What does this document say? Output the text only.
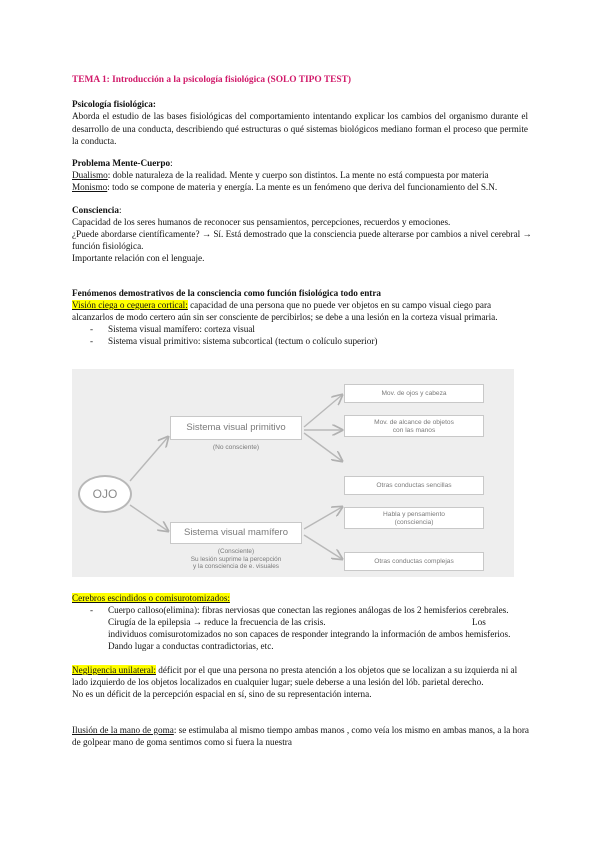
TEMA 1: Introducción a la psicología fisiológica (SOLO TIPO TEST)
Psicología fisiológica:
Aborda el estudio de las bases fisiológicas del comportamiento intentando explicar los cambios del organismo durante el desarrollo de una conducta, describiendo qué estructuras o qué sistemas biológicos mediano forman el proceso que permite la conducta.
Problema Mente-Cuerpo:
Dualismo: doble naturaleza de la realidad. Mente y cuerpo son distintos. La mente no está compuesta por materia
Monismo: todo se compone de materia y energía. La mente es un fenómeno que deriva del funcionamiento del S.N.
Consciencia:
Capacidad de los seres humanos de reconocer sus pensamientos, percepciones, recuerdos y emociones.
¿Puede abordarse científicamente? → Sí. Está demostrado que la consciencia puede alterarse por cambios a nivel cerebral →
función fisiológica.
Importante relación con el lenguaje.
Fenómenos demostrativos de la consciencia como función fisiológica todo entra
Visión ciega o ceguera cortical: capacidad de una persona que no puede ver objetos en su campo visual ciego para
alcanzarlos de modo certero aún sin ser consciente de percibirlos; se debe a una lesión en la corteza visual primaria.
- Sistema visual mamífero: corteza visual
- Sistema visual primitivo: sistema subcortical (tectum o colículo superior)
OJO
Sistema visual primitivo
(No consciente)
Sistema visual mamífero
(Consciente)
Su lesión suprime la percepción
y la consciencia de e. visuales
Mov. de ojos y cabeza
Mov. de alcance de objetos
con las manos
Otras conductas sencillas
Habla y pensamiento
(consciencia)
Otras conductas complejas
Cerebros escindidos o comisurotomizados:
- Cuerpo calloso(elimina): fibras nerviosas que conectan las regiones análogas de los 2 hemisferios cerebrales.
Cirugía de la epilepsia → reduce la frecuencia de las crisis.	Los
individuos comisurotomizados no son capaces de responder integrando la información de ambos hemisferios.
Dando lugar a conductas contradictorias, etc.
Negligencia unilateral: déficit por el que una persona no presta atención a los objetos que se localizan a su izquierda ni al
lado izquierdo de los objetos localizados en cualquier lugar; suele deberse a una lesión del lób. parietal derecho.
No es un déficit de la percepción espacial en sí, sino de su representación interna.
Ilusión de la mano de goma: se estimulaba al mismo tiempo ambas manos , como veía los mismo en ambas manos, a la hora
de golpear mano de goma sentimos como si fuera la nuestra
